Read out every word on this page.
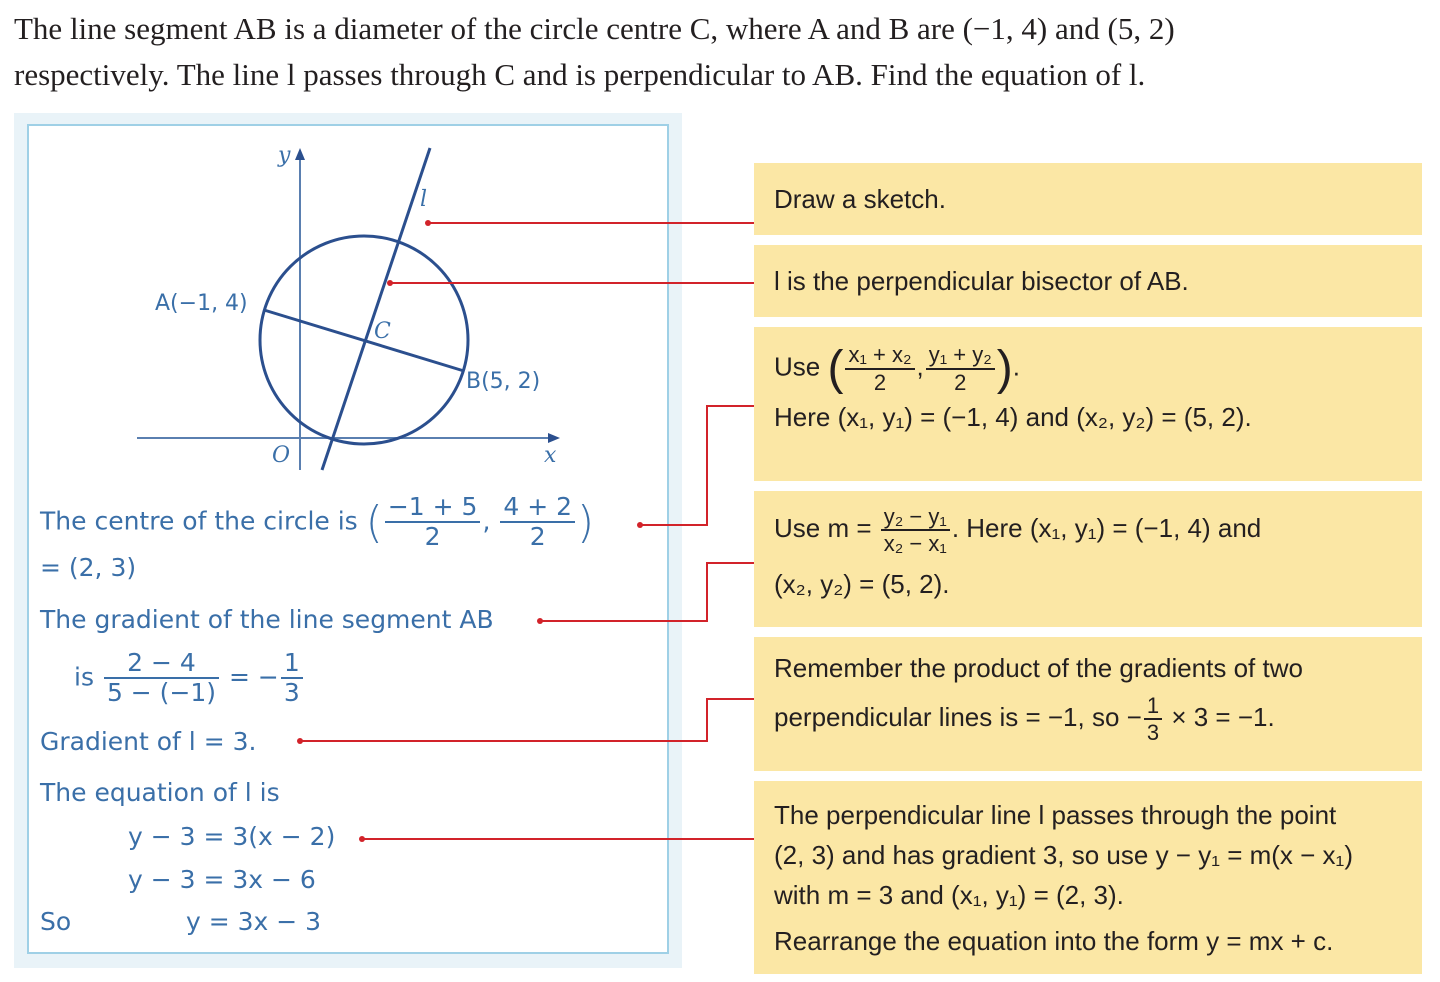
The line segment AB is a diameter of the circle centre C, where A and B are (−1, 4) and (5, 2)
respectively. The line l passes through C and is perpendicular to AB. Find the equation of l.
y
x
O
l
A(−1, 4)
B(5, 2)
C
The centre of the circle is ( $\frac{-1 + 5}{2}$ , $\frac{4 + 2}{2}$ )
= (2, 3)
The gradient of the line segment AB
is $\frac{2 - 4}{5 - (-1)}$ = − $\frac{1}{3}$
Gradient of l = 3.
The equation of l is
y − 3 = 3(x − 2)
y − 3 = 3x − 6
So	y = 3x − 3

Draw a sketch.

l is the perpendicular bisector of AB.

Use ( $\frac{\text{x₁ + x₂}}{2}$ , $\frac{\text{y₁ + y₂}}{2}$ ).

Here (x₁, y₁) = (−1, 4) and (x₂, y₂) = (5, 2).

Use $m = \frac{\text{y₂ − y₁}}{\text{x₂ − x₁}}$ . Here (x₁, y₁) = (−1, 4) and

(x₂, y₂) = (5, 2).

Remember the product of the gradients of two

perpendicular lines is = −1, so − $\frac{1}{3} \times 3 = -1$.

The perpendicular line l passes through the point

(2, 3) and has gradient 3, so use y − y₁ = m(x − x₁)

with m = 3 and (x₁, y₁) = (2, 3).

Rearrange the equation into the form y = mx + c.
